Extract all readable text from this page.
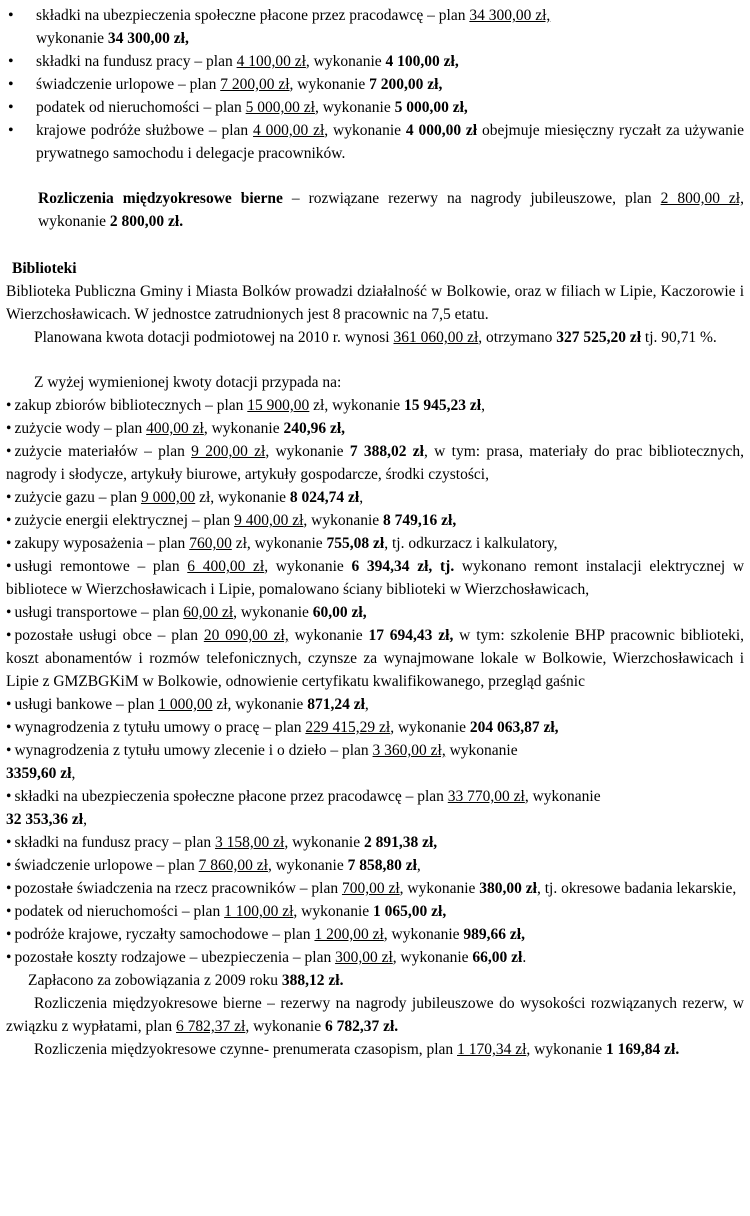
• składki na ubezpieczenia społeczne płacone przez pracodawcę – plan 34 300,00 zł,
wykonanie 34 300,00 zł,
• składki na fundusz pracy – plan 4 100,00 zł, wykonanie 4 100,00 zł,
• świadczenie urlopowe – plan 7 200,00 zł, wykonanie 7 200,00 zł,
• podatek od nieruchomości – plan 5 000,00 zł, wykonanie 5 000,00 zł,
• krajowe podróże służbowe – plan 4 000,00 zł, wykonanie 4 000,00 zł obejmuje miesięczny ryczałt za używanie prywatnego samochodu i delegacje pracowników.

Rozliczenia międzyokresowe bierne – rozwiązane rezerwy na nagrody jubileuszowe, plan 2 800,00 zł, wykonanie 2 800,00 zł.

Biblioteki

Biblioteka Publiczna Gminy i Miasta Bolków prowadzi działalność w Bolkowie, oraz w filiach w Lipie, Kaczorowie i Wierzchosławicach. W jednostce zatrudnionych jest 8 pracownic na 7,5 etatu.

Planowana kwota dotacji podmiotowej na 2010 r. wynosi 361 060,00 zł, otrzymano 327 525,20 zł tj. 90,71 %.

Z wyżej wymienionej kwoty dotacji przypada na:

• zakup zbiorów bibliotecznych – plan 15 900,00 zł, wykonanie 15 945,23 zł,
• zużycie wody – plan 400,00 zł, wykonanie 240,96 zł,
• zużycie materiałów – plan 9 200,00 zł, wykonanie 7 388,02 zł, w tym: prasa, materiały do prac bibliotecznych, nagrody i słodycze, artykuły biurowe, artykuły gospodarcze, środki czystości,
• zużycie gazu – plan 9 000,00 zł, wykonanie 8 024,74 zł,
• zużycie energii elektrycznej – plan 9 400,00 zł, wykonanie 8 749,16 zł,
• zakupy wyposażenia – plan 760,00 zł, wykonanie 755,08 zł, tj. odkurzacz i kalkulatory,
• usługi remontowe – plan 6 400,00 zł, wykonanie 6 394,34 zł, tj. wykonano remont instalacji elektrycznej w bibliotece w Wierzchosławicach i Lipie, pomalowano ściany biblioteki w Wierzchosławicach,
• usługi transportowe – plan 60,00 zł, wykonanie 60,00 zł,
• pozostałe usługi obce – plan 20 090,00 zł, wykonanie 17 694,43 zł, w tym: szkolenie BHP pracownic biblioteki, koszt abonamentów i rozmów telefonicznych, czynsze za wynajmowane lokale w Bolkowie, Wierzchosławicach i Lipie z GMZBGKiM w Bolkowie, odnowienie certyfikatu kwalifikowanego, przegląd gaśnic
• usługi bankowe – plan 1 000,00 zł, wykonanie 871,24 zł,
• wynagrodzenia z tytułu umowy o pracę – plan 229 415,29 zł, wykonanie 204 063,87 zł,
• wynagrodzenia z tytułu umowy zlecenie i o dzieło – plan 3 360,00 zł, wykonanie
3359,60 zł,
• składki na ubezpieczenia społeczne płacone przez pracodawcę – plan 33 770,00 zł, wykonanie
32 353,36 zł,
• składki na fundusz pracy – plan 3 158,00 zł, wykonanie 2 891,38 zł,
• świadczenie urlopowe – plan 7 860,00 zł, wykonanie 7 858,80 zł,
• pozostałe świadczenia na rzecz pracowników – plan 700,00 zł, wykonanie 380,00 zł, tj. okresowe badania lekarskie,
• podatek od nieruchomości – plan 1 100,00 zł, wykonanie 1 065,00 zł,
• podróże krajowe, ryczałty samochodowe – plan 1 200,00 zł, wykonanie 989,66 zł,
• pozostałe koszty rodzajowe – ubezpieczenia – plan 300,00 zł, wykonanie 66,00 zł.

Zapłacono za zobowiązania z 2009 roku 388,12 zł.

Rozliczenia międzyokresowe bierne – rezerwy na nagrody jubileuszowe do wysokości rozwiązanych rezerw, w związku z wypłatami, plan 6 782,37 zł, wykonanie 6 782,37 zł.

Rozliczenia międzyokresowe czynne- prenumerata czasopism, plan 1 170,34 zł, wykonanie 1 169,84 zł.
